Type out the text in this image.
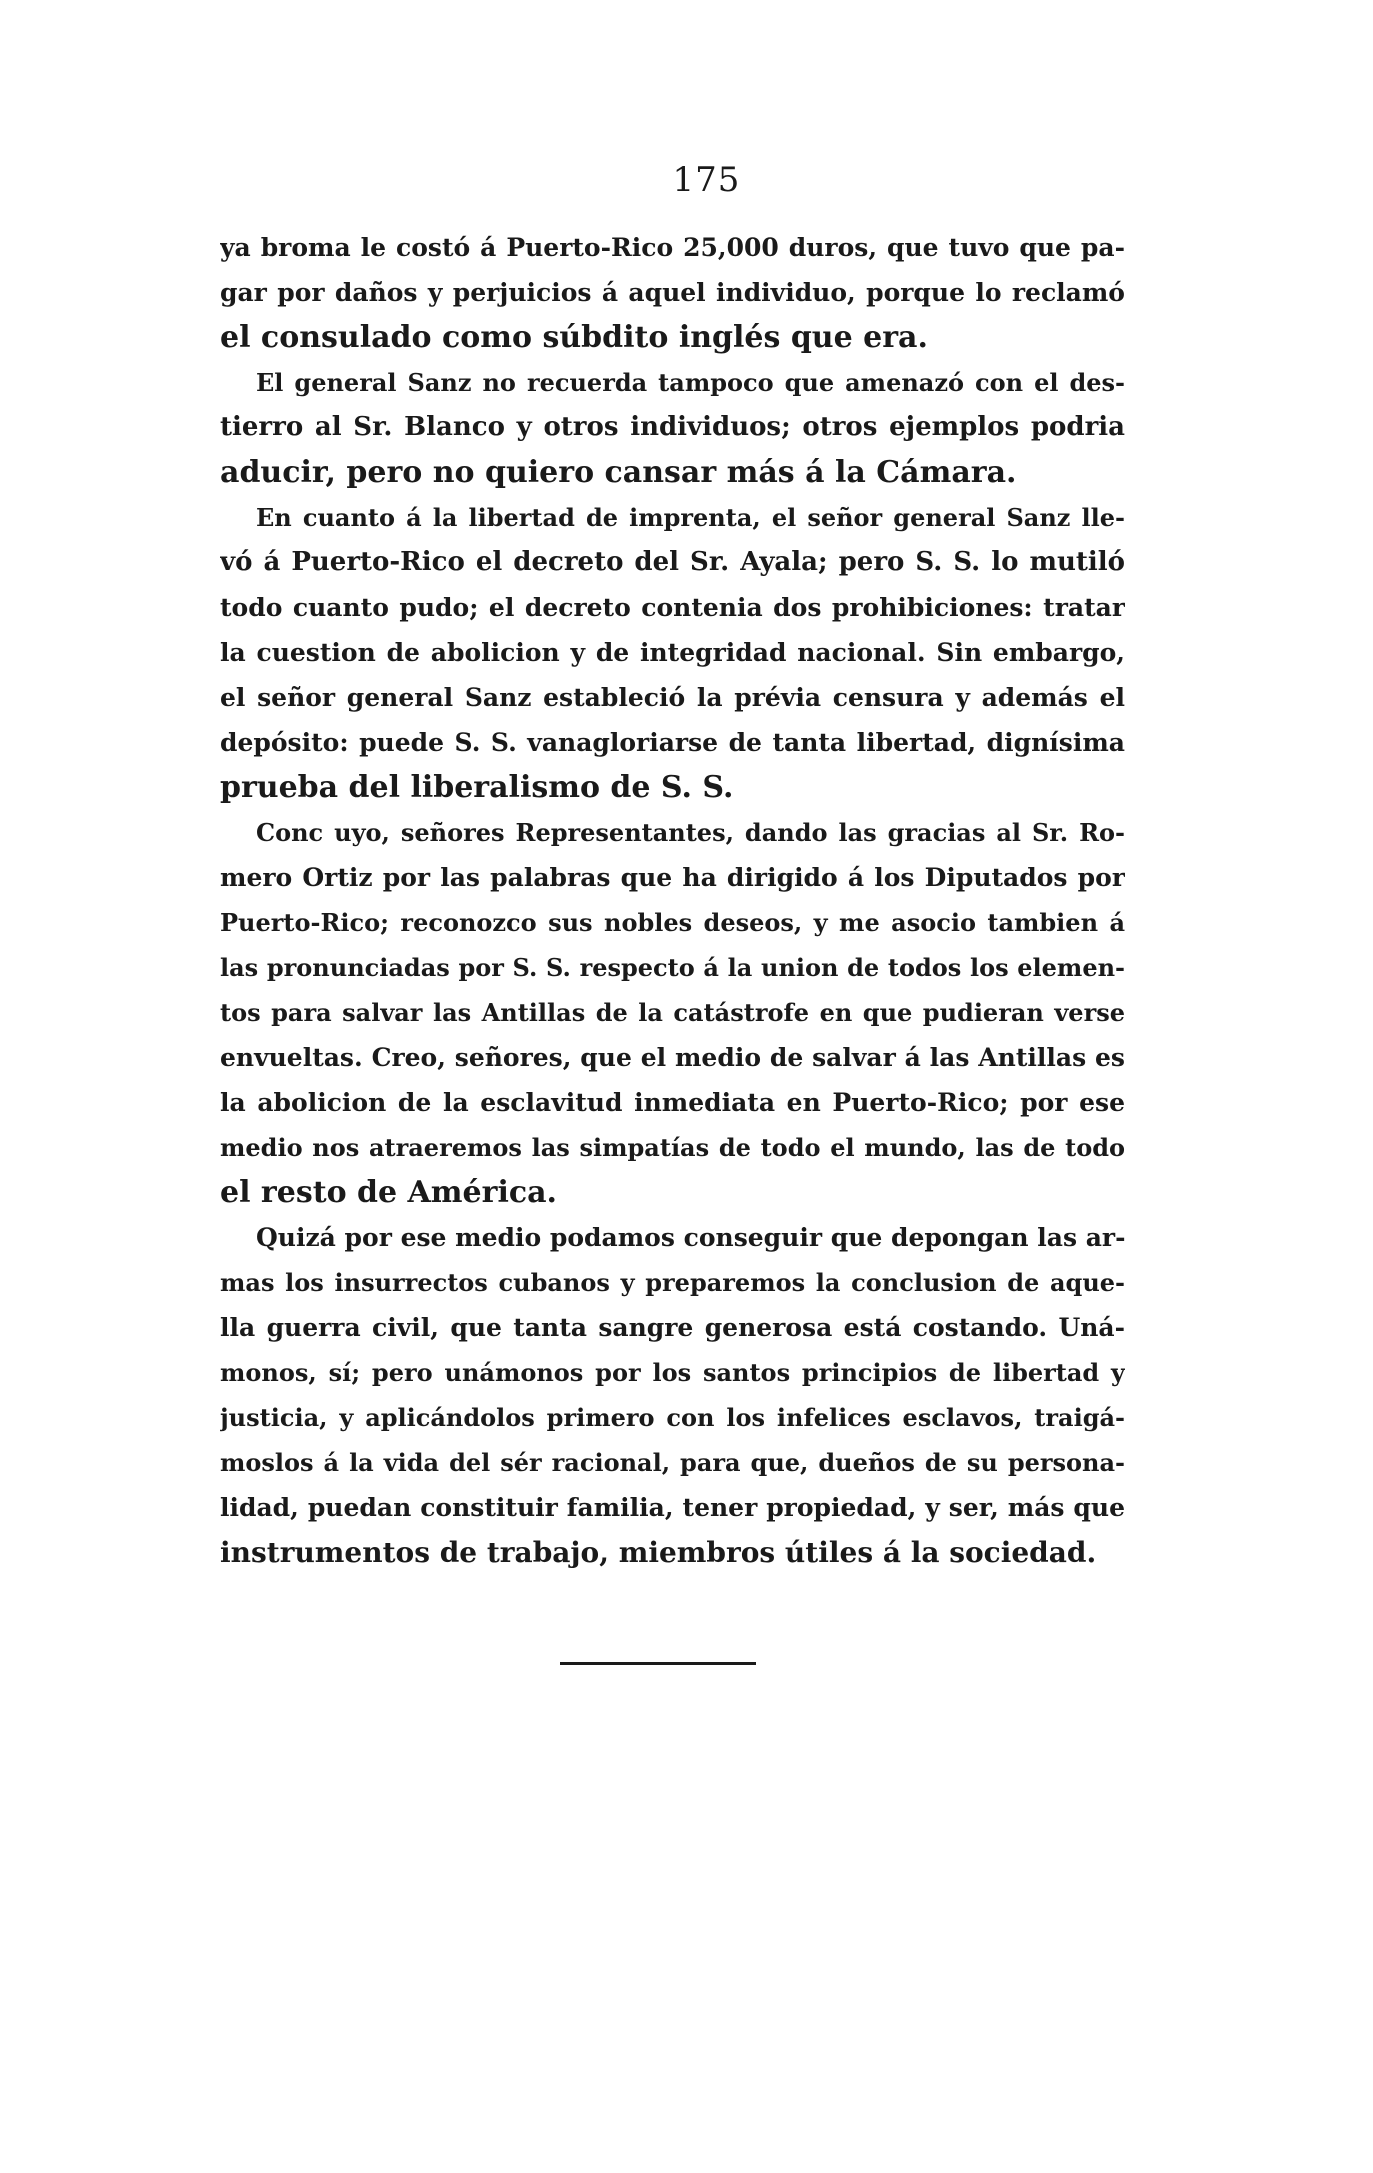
175
ya broma le costó á Puerto-Rico 25,000 duros, que tuvo que pa-
gar por daños y perjuicios á aquel individuo, porque lo reclamó
el consulado como súbdito inglés que era.
El general Sanz no recuerda tampoco que amenazó con el des-
tierro al Sr. Blanco y otros individuos; otros ejemplos podria
aducir, pero no quiero cansar más á la Cámara.
En cuanto á la libertad de imprenta, el señor general Sanz lle-
vó á Puerto-Rico el decreto del Sr. Ayala; pero S. S. lo mutiló
todo cuanto pudo; el decreto contenia dos prohibiciones: tratar
la cuestion de abolicion y de integridad nacional. Sin embargo,
el señor general Sanz estableció la prévia censura y además el
depósito: puede S. S. vanagloriarse de tanta libertad, dignísima
prueba del liberalismo de S. S.
Conc uyo, señores Representantes, dando las gracias al Sr. Ro-
mero Ortiz por las palabras que ha dirigido á los Diputados por
Puerto-Rico; reconozco sus nobles deseos, y me asocio tambien á
las pronunciadas por S. S. respecto á la union de todos los elemen-
tos para salvar las Antillas de la catástrofe en que pudieran verse
envueltas. Creo, señores, que el medio de salvar á las Antillas es
la abolicion de la esclavitud inmediata en Puerto-Rico; por ese
medio nos atraeremos las simpatías de todo el mundo, las de todo
el resto de América.
Quizá por ese medio podamos conseguir que depongan las ar-
mas los insurrectos cubanos y preparemos la conclusion de aque-
lla guerra civil, que tanta sangre generosa está costando. Uná-
monos, sí; pero unámonos por los santos principios de libertad y
justicia, y aplicándolos primero con los infelices esclavos, traigá-
moslos á la vida del sér racional, para que, dueños de su persona-
lidad, puedan constituir familia, tener propiedad, y ser, más que
instrumentos de trabajo, miembros útiles á la sociedad.
